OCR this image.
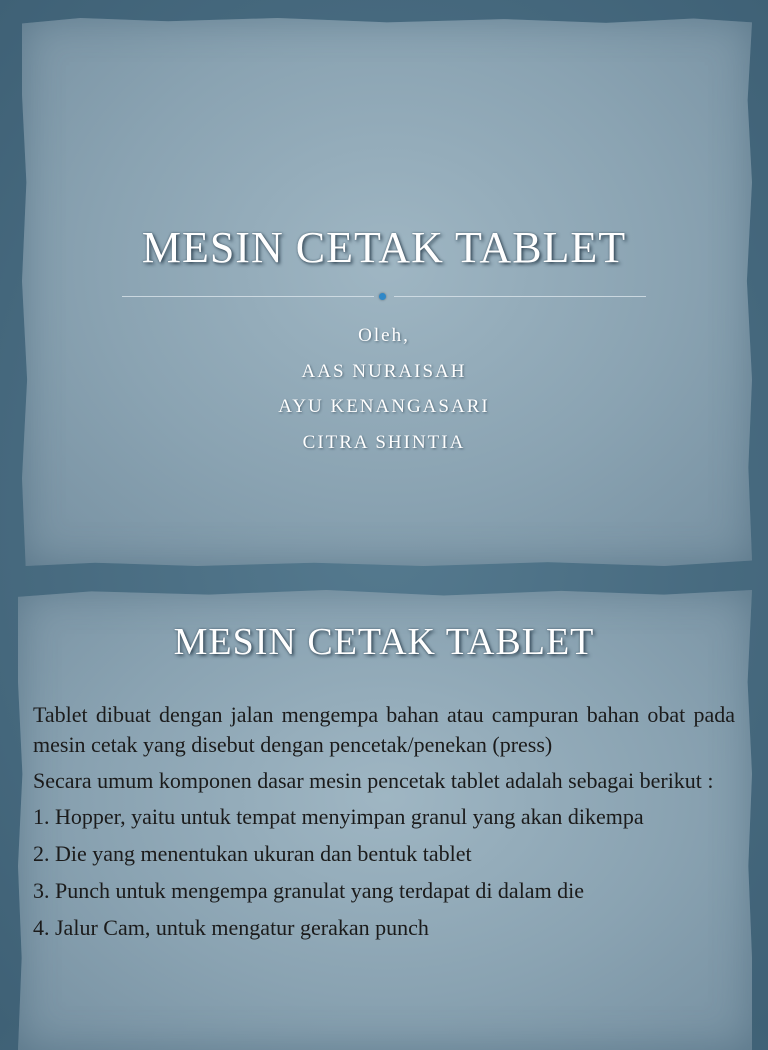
MESIN CETAK TABLET
Oleh,
AAS NURAISAH
AYU KENANGASARI
CITRA SHINTIA
MESIN CETAK TABLET

Tablet dibuat dengan jalan mengempa bahan atau campuran bahan obat pada mesin cetak yang disebut dengan pencetak/penekan (press)

Secara umum komponen dasar mesin pencetak tablet adalah sebagai berikut :

1. Hopper, yaitu untuk tempat menyimpan granul yang akan dikempa
2. Die yang menentukan ukuran dan bentuk tablet
3. Punch untuk mengempa granulat yang terdapat di dalam die
4. Jalur Cam, untuk mengatur gerakan punch
